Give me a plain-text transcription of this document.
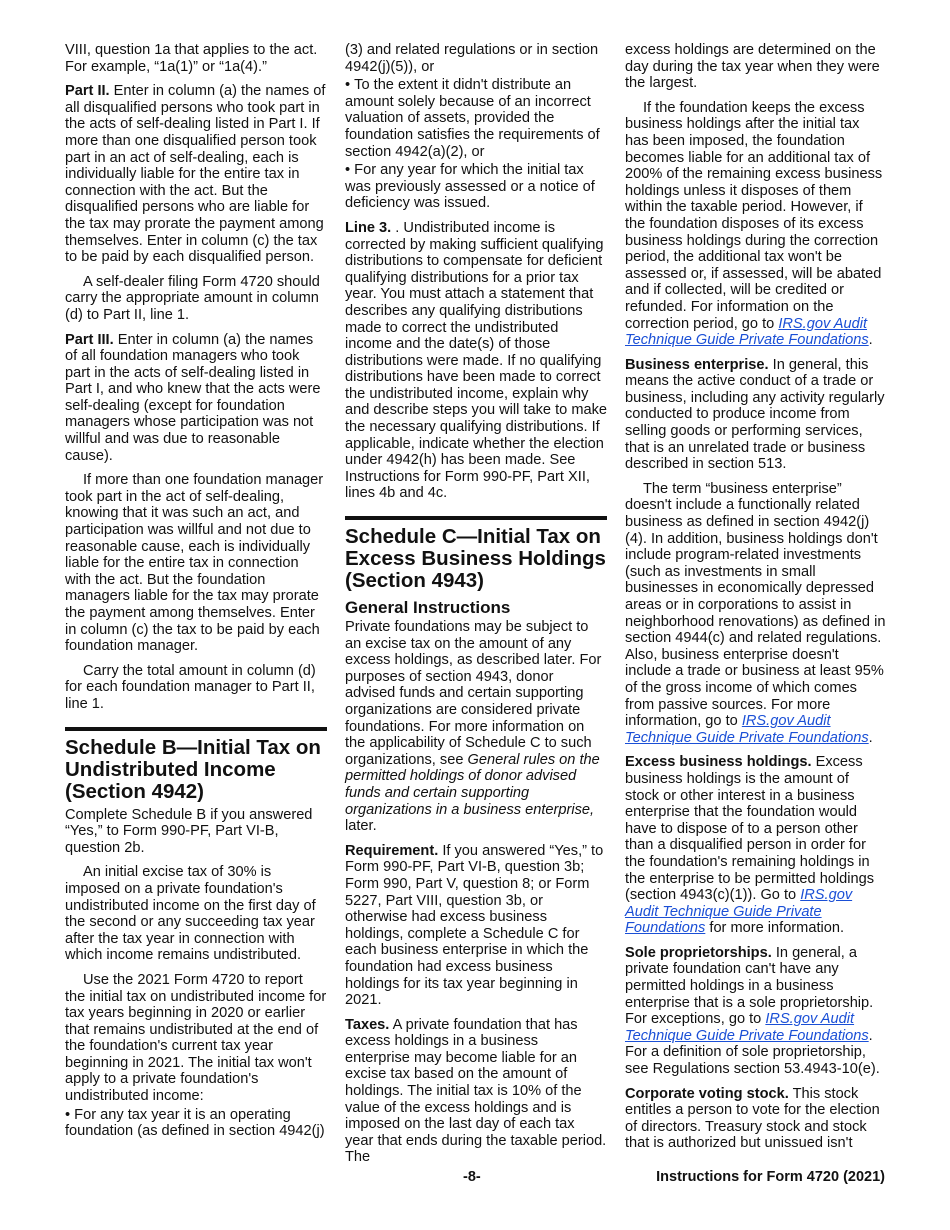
VIII, question 1a that applies to the act. For example, “1a(1)” or “1a(4).”

Part II. Enter in column (a) the names of all disqualified persons who took part in the acts of self-dealing listed in Part I. If more than one disqualified person took part in an act of self-dealing, each is individually liable for the entire tax in connection with the act. But the disqualified persons who are liable for the tax may prorate the payment among themselves. Enter in column (c) the tax to be paid by each disqualified person.

A self-dealer filing Form 4720 should carry the appropriate amount in column (d) to Part II, line 1.

Part III. Enter in column (a) the names of all foundation managers who took part in the acts of self-dealing listed in Part I, and who knew that the acts were self-dealing (except for foundation managers whose participation was not willful and was due to reasonable cause).

If more than one foundation manager took part in the act of self-dealing, knowing that it was such an act, and participation was willful and not due to reasonable cause, each is individually liable for the entire tax in connection with the act. But the foundation managers liable for the tax may prorate the payment among themselves. Enter in column (c) the tax to be paid by each foundation manager.

Carry the total amount in column (d) for each foundation manager to Part II, line 1.

Schedule B—Initial Tax on Undistributed Income (Section 4942)

Complete Schedule B if you answered “Yes,” to Form 990-PF, Part VI-B, question 2b.

An initial excise tax of 30% is imposed on a private foundation's undistributed income on the first day of the second or any succeeding tax year after the tax year in connection with which income remains undistributed.

Use the 2021 Form 4720 to report the initial tax on undistributed income for tax years beginning in 2020 or earlier that remains undistributed at the end of the foundation's current tax year beginning in 2021. The initial tax won't apply to a private foundation's undistributed income:

• For any tax year it is an operating foundation (as defined in section 4942(j)

(3) and related regulations or in section 4942(j)(5)), or

• To the extent it didn't distribute an amount solely because of an incorrect valuation of assets, provided the foundation satisfies the requirements of section 4942(a)(2), or

• For any year for which the initial tax was previously assessed or a notice of deficiency was issued.

Line 3. . Undistributed income is corrected by making sufficient qualifying distributions to compensate for deficient qualifying distributions for a prior tax year. You must attach a statement that describes any qualifying distributions made to correct the undistributed income and the date(s) of those distributions were made. If no qualifying distributions have been made to correct the undistributed income, explain why and describe steps you will take to make the necessary qualifying distributions. If applicable, indicate whether the election under 4942(h) has been made. See Instructions for Form 990-PF, Part XII, lines 4b and 4c.

Schedule C—Initial Tax on Excess Business Holdings (Section 4943)
General Instructions

Private foundations may be subject to an excise tax on the amount of any excess holdings, as described later. For purposes of section 4943, donor advised funds and certain supporting organizations are considered private foundations. For more information on the applicability of Schedule C to such organizations, see General rules on the permitted holdings of donor advised funds and certain supporting organizations in a business enterprise, later.

Requirement. If you answered “Yes,” to Form 990-PF, Part VI-B, question 3b; Form 990, Part V, question 8; or Form 5227, Part VIII, question 3b, or otherwise had excess business holdings, complete a Schedule C for each business enterprise in which the foundation had excess business holdings for its tax year beginning in 2021.

Taxes. A private foundation that has excess holdings in a business enterprise may become liable for an excise tax based on the amount of holdings. The initial tax is 10% of the value of the excess holdings and is imposed on the last day of each tax year that ends during the taxable period. The

excess holdings are determined on the day during the tax year when they were the largest.

If the foundation keeps the excess business holdings after the initial tax has been imposed, the foundation becomes liable for an additional tax of 200% of the remaining excess business holdings unless it disposes of them within the taxable period. However, if the foundation disposes of its excess business holdings during the correction period, the additional tax won't be assessed or, if assessed, will be abated and if collected, will be credited or refunded. For information on the correction period, go to IRS.gov Audit Technique Guide Private Foundations.

Business enterprise. In general, this means the active conduct of a trade or business, including any activity regularly conducted to produce income from selling goods or performing services, that is an unrelated trade or business described in section 513.

The term “business enterprise” doesn't include a functionally related business as defined in section 4942(j)(4). In addition, business holdings don't include program-related investments (such as investments in small businesses in economically depressed areas or in corporations to assist in neighborhood renovations) as defined in section 4944(c) and related regulations. Also, business enterprise doesn't include a trade or business at least 95% of the gross income of which comes from passive sources. For more information, go to IRS.gov Audit Technique Guide Private Foundations.

Excess business holdings. Excess business holdings is the amount of stock or other interest in a business enterprise that the foundation would have to dispose of to a person other than a disqualified person in order for the foundation's remaining holdings in the enterprise to be permitted holdings (section 4943(c)(1)). Go to IRS.gov Audit Technique Guide Private Foundations for more information.

Sole proprietorships. In general, a private foundation can't have any permitted holdings in a business enterprise that is a sole proprietorship. For exceptions, go to IRS.gov Audit Technique Guide Private Foundations. For a definition of sole proprietorship, see Regulations section 53.4943-10(e).

Corporate voting stock. This stock entitles a person to vote for the election of directors. Treasury stock and stock that is authorized but unissued isn't

-8-	Instructions for Form 4720 (2021)
